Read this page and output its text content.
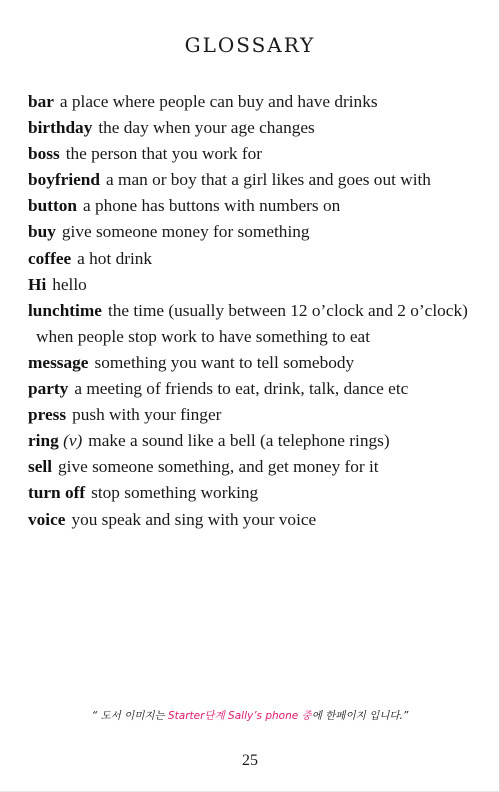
GLOSSARY
bar a place where people can buy and have drinks
birthday the day when your age changes
boss the person that you work for
boyfriend a man or boy that a girl likes and goes out with
button a phone has buttons with numbers on
buy give someone money for something
coffee a hot drink
Hi hello
lunchtime the time (usually between 12 o’clock and 2 o’clock) when people stop work to have something to eat
message something you want to tell somebody
party a meeting of friends to eat, drink, talk, dance etc
press push with your finger
ring (v) make a sound like a bell (a telephone rings)
sell give someone something, and get money for it
turn off stop something working
voice you speak and sing with your voice
“ 도서 이미지는 Starter단계 Sally’s phone 중에 한페이지 입니다.”
25
